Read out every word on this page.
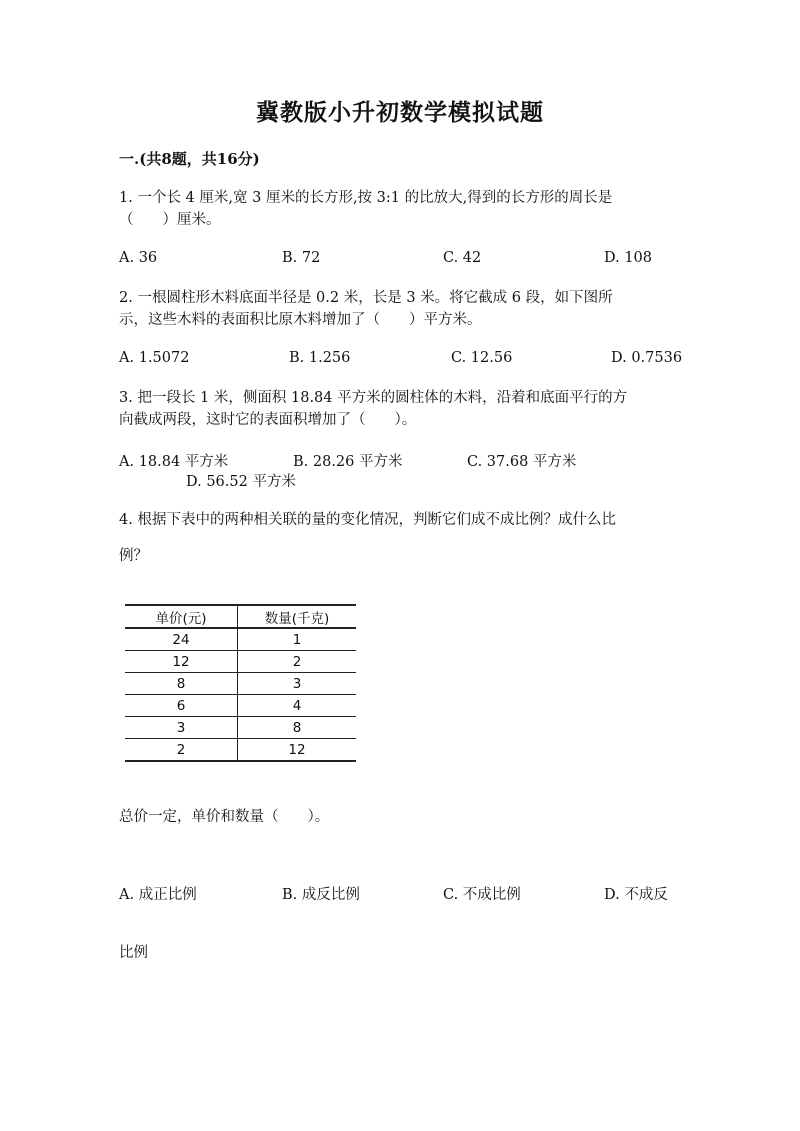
冀教版小升初数学模拟试题
一.(共8题，共16分)
1. 一个长 4 厘米,宽 3 厘米的长方形,按 3:1 的比放大,得到的长方形的周长是
（　　）厘米。
A. 36	B. 72	C. 42	D. 108
2. 一根圆柱形木料底面半径是 0.2 米，长是 3 米。将它截成 6 段，如下图所
示，这些木料的表面积比原木料增加了（　　）平方米。
A. 1.5072	B. 1.256	C. 12.56	D. 0.7536
3. 把一段长 1 米，侧面积 18.84 平方米的圆柱体的木料，沿着和底面平行的方
向截成两段，这时它的表面积增加了（　　）。
A. 18.84 平方米	B. 28.26 平方米	C. 37.68 平方米
D. 56.52 平方米
4. 根据下表中的两种相关联的量的变化情况，判断它们成不成比例？成什么比
例？
单价(元)	数量(千克)
24	1
12	2
8	3
6	4
3	8
2	12
总价一定，单价和数量（　　）。
A. 成正比例	B. 成反比例	C. 不成比例	D. 不成反
比例
